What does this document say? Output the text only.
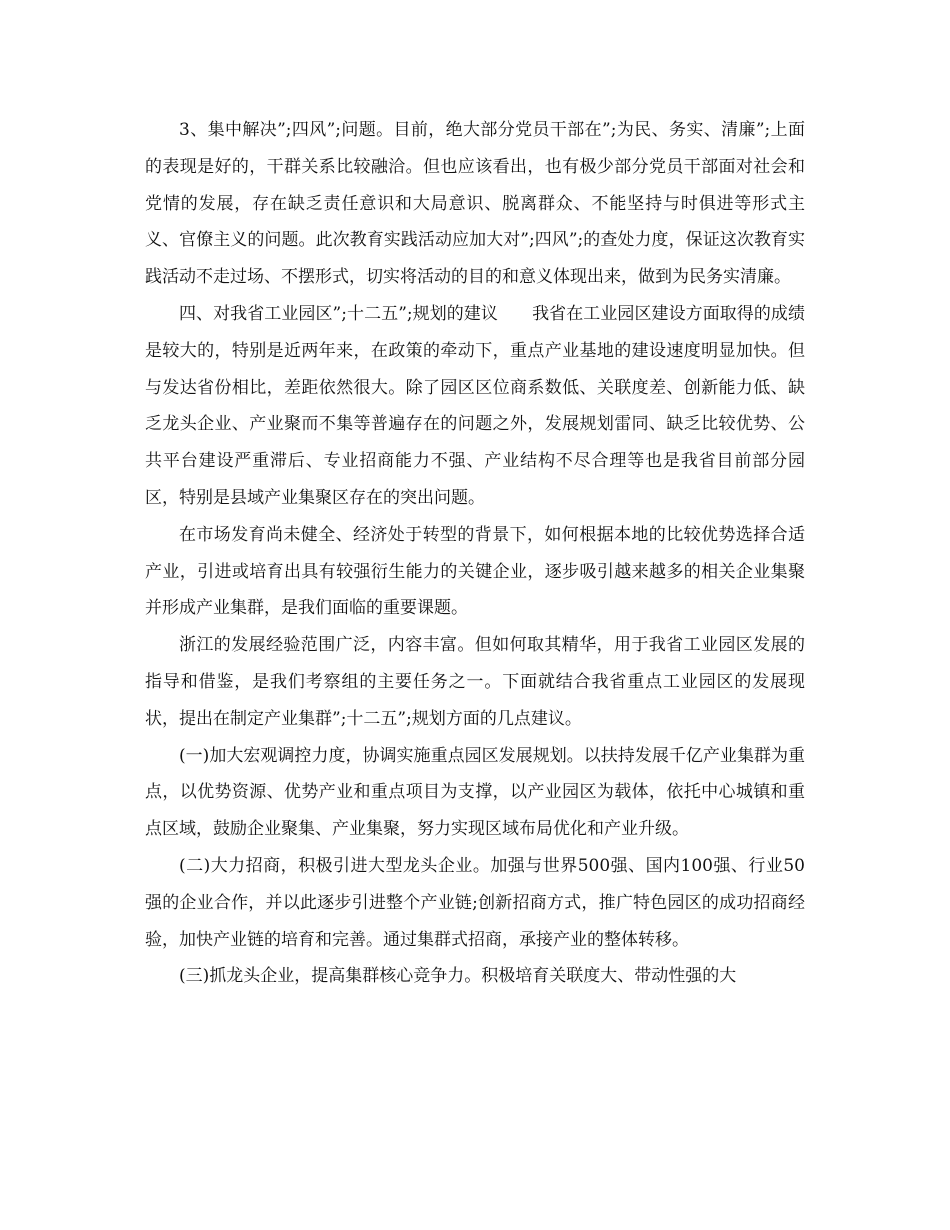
3、集中解决”;四风”;问题。目前，绝大部分党员干部在”;为民、务实、清廉”;上面的表现是好的，干群关系比较融洽。但也应该看出，也有极少部分党员干部面对社会和党情的发展，存在缺乏责任意识和大局意识、脱离群众、不能坚持与时俱进等形式主义、官僚主义的问题。此次教育实践活动应加大对”;四风”;的查处力度，保证这次教育实践活动不走过场、不摆形式，切实将活动的目的和意义体现出来，做到为民务实清廉。

四、对我省工业园区”;十二五”;规划的建议　　我省在工业园区建设方面取得的成绩是较大的，特别是近两年来，在政策的牵动下，重点产业基地的建设速度明显加快。但与发达省份相比，差距依然很大。除了园区区位商系数低、关联度差、创新能力低、缺乏龙头企业、产业聚而不集等普遍存在的问题之外，发展规划雷同、缺乏比较优势、公共平台建设严重滞后、专业招商能力不强、产业结构不尽合理等也是我省目前部分园区，特别是县域产业集聚区存在的突出问题。

在市场发育尚未健全、经济处于转型的背景下，如何根据本地的比较优势选择合适产业，引进或培育出具有较强衍生能力的关键企业，逐步吸引越来越多的相关企业集聚并形成产业集群，是我们面临的重要课题。

浙江的发展经验范围广泛，内容丰富。但如何取其精华，用于我省工业园区发展的指导和借鉴，是我们考察组的主要任务之一。下面就结合我省重点工业园区的发展现状，提出在制定产业集群”;十二五”;规划方面的几点建议。

(一)加大宏观调控力度，协调实施重点园区发展规划。以扶持发展千亿产业集群为重点，以优势资源、优势产业和重点项目为支撑，以产业园区为载体，依托中心城镇和重点区域，鼓励企业聚集、产业集聚，努力实现区域布局优化和产业升级。

(二)大力招商，积极引进大型龙头企业。加强与世界500强、国内100强、行业50强的企业合作，并以此逐步引进整个产业链;创新招商方式，推广特色园区的成功招商经验，加快产业链的培育和完善。通过集群式招商，承接产业的整体转移。

(三)抓龙头企业，提高集群核心竞争力。积极培育关联度大、带动性强的大
